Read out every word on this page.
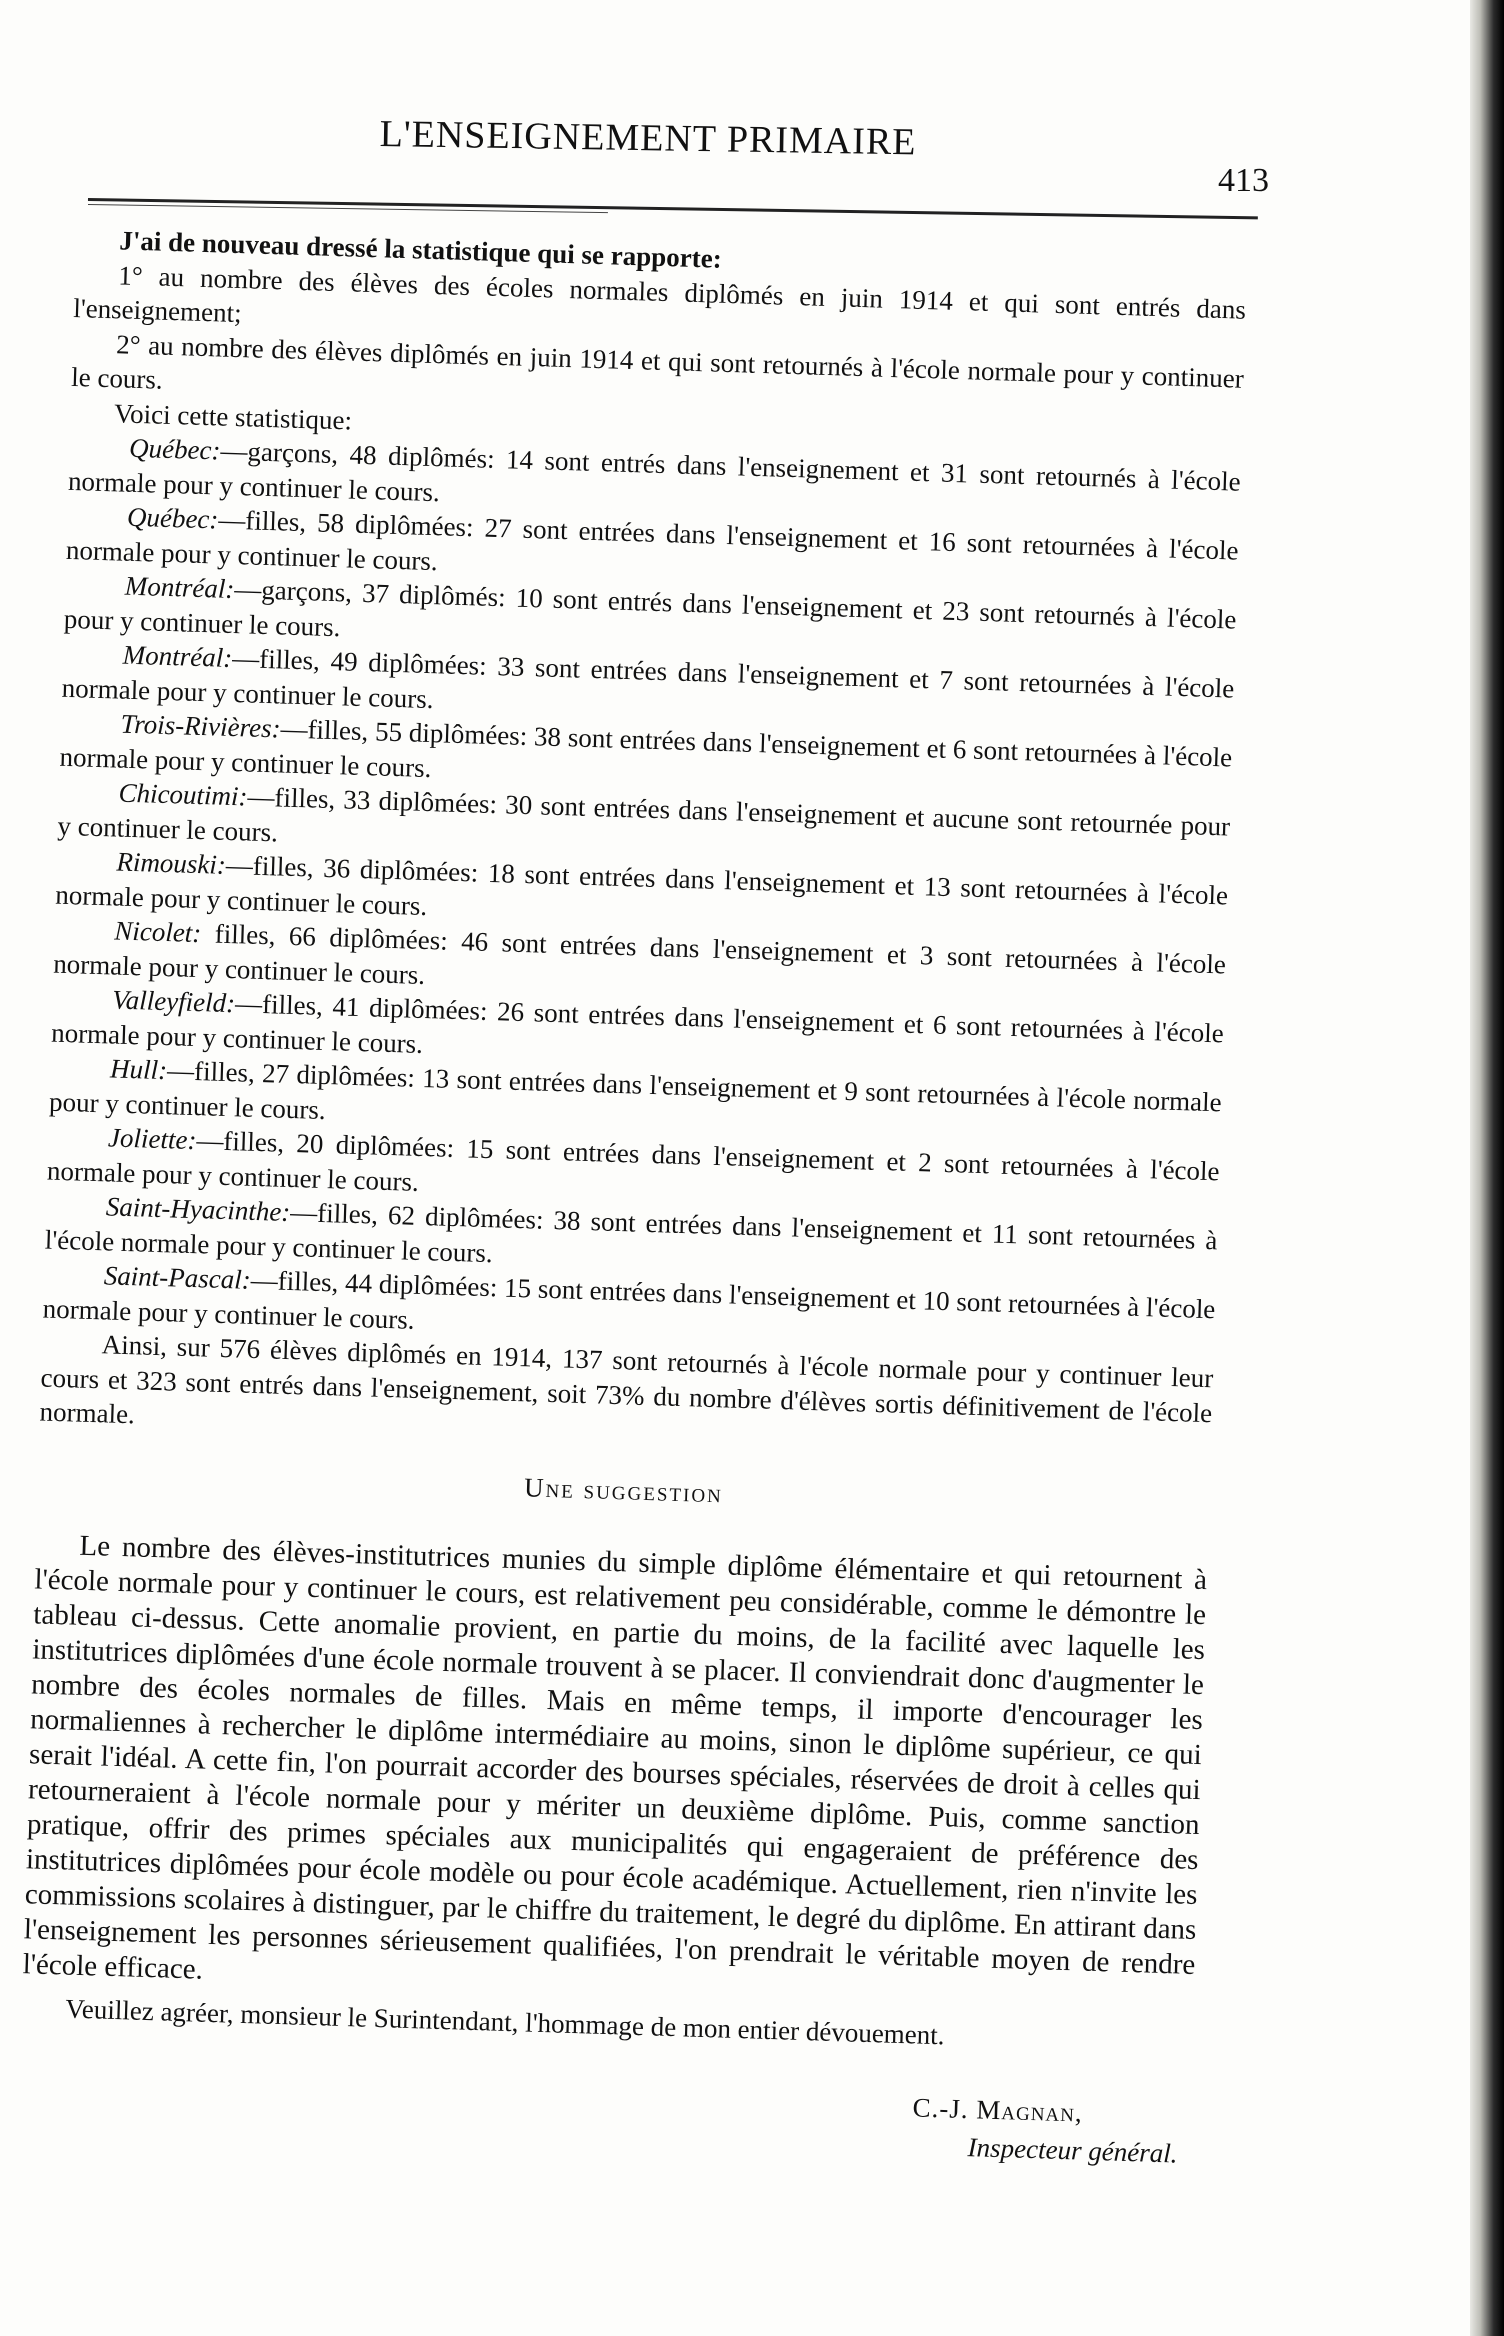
L'ENSEIGNEMENT PRIMAIRE
413

J'ai de nouveau dressé la statistique qui se rapporte:

1° au nombre des élèves des écoles normales diplômés en juin 1914 et qui sont entrés dans l'enseignement;

2° au nombre des élèves diplômés en juin 1914 et qui sont retournés à l'école normale pour y continuer le cours.

Voici cette statistique:

Québec:—garçons, 48 diplômés: 14 sont entrés dans l'enseignement et 31 sont retournés à l'école normale pour y continuer le cours.

Québec:—filles, 58 diplômées: 27 sont entrées dans l'enseignement et 16 sont retournées à l'école normale pour y continuer le cours.

Montréal:—garçons, 37 diplômés: 10 sont entrés dans l'enseignement et 23 sont retournés à l'école pour y continuer le cours.

Montréal:—filles, 49 diplômées: 33 sont entrées dans l'enseignement et 7 sont retournées à l'école normale pour y continuer le cours.

Trois-Rivières:—filles, 55 diplômées: 38 sont entrées dans l'enseignement et 6 sont retournées à l'école normale pour y continuer le cours.

Chicoutimi:—filles, 33 diplômées: 30 sont entrées dans l'enseignement et aucune sont retournée pour y continuer le cours.

Rimouski:—filles, 36 diplômées: 18 sont entrées dans l'enseignement et 13 sont retournées à l'école normale pour y continuer le cours.

Nicolet: filles, 66 diplômées: 46 sont entrées dans l'enseignement et 3 sont retournées à l'école normale pour y continuer le cours.

Valleyfield:—filles, 41 diplômées: 26 sont entrées dans l'enseignement et 6 sont retournées à l'école normale pour y continuer le cours.

Hull:—filles, 27 diplômées: 13 sont entrées dans l'enseignement et 9 sont retournées à l'école normale pour y continuer le cours.

Joliette:—filles, 20 diplômées: 15 sont entrées dans l'enseignement et 2 sont retournées à l'école normale pour y continuer le cours.

Saint-Hyacinthe:—filles, 62 diplômées: 38 sont entrées dans l'enseignement et 11 sont retournées à l'école normale pour y continuer le cours.

Saint-Pascal:—filles, 44 diplômées: 15 sont entrées dans l'enseignement et 10 sont retournées à l'école normale pour y continuer le cours.

Ainsi, sur 576 élèves diplômés en 1914, 137 sont retournés à l'école normale pour y continuer leur cours et 323 sont entrés dans l'enseignement, soit 73% du nombre d'élèves sortis définitivement de l'école normale.

Une suggestion

Le nombre des élèves-institutrices munies du simple diplôme élémentaire et qui retournent à l'école normale pour y continuer le cours, est relativement peu considérable, comme le démontre le tableau ci-dessus. Cette anomalie provient, en partie du moins, de la facilité avec laquelle les institutrices diplômées d'une école normale trouvent à se placer. Il conviendrait donc d'augmenter le nombre des écoles normales de filles. Mais en même temps, il importe d'encourager les normaliennes à rechercher le diplôme intermédiaire au moins, sinon le diplôme supérieur, ce qui serait l'idéal. A cette fin, l'on pourrait accorder des bourses spéciales, réservées de droit à celles qui retourneraient à l'école normale pour y mériter un deuxième diplôme. Puis, comme sanction pratique, offrir des primes spéciales aux municipalités qui engageraient de préférence des institutrices diplômées pour école modèle ou pour école académique. Actuellement, rien n'invite les commissions scolaires à distinguer, par le chiffre du traitement, le degré du diplôme. En attirant dans l'enseignement les personnes sérieusement qualifiées, l'on prendrait le véritable moyen de rendre l'école efficace.

Veuillez agréer, monsieur le Surintendant, l'hommage de mon entier dévouement.

C.-J. Magnan,

Inspecteur général.
